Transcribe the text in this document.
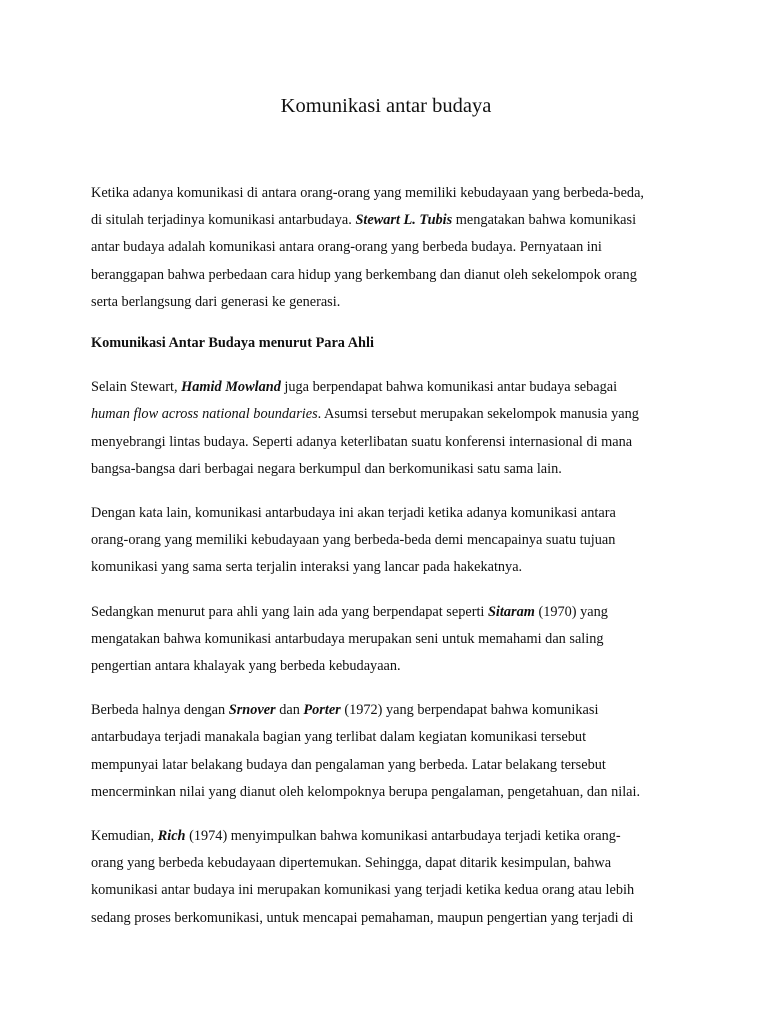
Komunikasi antar budaya

Ketika adanya komunikasi di antara orang-orang yang memiliki kebudayaan yang berbeda-beda,
di situlah terjadinya komunikasi antarbudaya. Stewart L. Tubis mengatakan bahwa komunikasi
antar budaya adalah komunikasi antara orang-orang yang berbeda budaya. Pernyataan ini
beranggapan bahwa perbedaan cara hidup yang berkembang dan dianut oleh sekelompok orang
serta berlangsung dari generasi ke generasi.

Komunikasi Antar Budaya menurut Para Ahli

Selain Stewart, Hamid Mowland juga berpendapat bahwa komunikasi antar budaya sebagai
human flow across national boundaries. Asumsi tersebut merupakan sekelompok manusia yang
menyebrangi lintas budaya. Seperti adanya keterlibatan suatu konferensi internasional di mana
bangsa-bangsa dari berbagai negara berkumpul dan berkomunikasi satu sama lain.

Dengan kata lain, komunikasi antarbudaya ini akan terjadi ketika adanya komunikasi antara
orang-orang yang memiliki kebudayaan yang berbeda-beda demi mencapainya suatu tujuan
komunikasi yang sama serta terjalin interaksi yang lancar pada hakekatnya.

Sedangkan menurut para ahli yang lain ada yang berpendapat seperti Sitaram (1970) yang
mengatakan bahwa komunikasi antarbudaya merupakan seni untuk memahami dan saling
pengertian antara khalayak yang berbeda kebudayaan.

Berbeda halnya dengan Srnover dan Porter (1972) yang berpendapat bahwa komunikasi
antarbudaya terjadi manakala bagian yang terlibat dalam kegiatan komunikasi tersebut
mempunyai latar belakang budaya dan pengalaman yang berbeda. Latar belakang tersebut
mencerminkan nilai yang dianut oleh kelompoknya berupa pengalaman, pengetahuan, dan nilai.

Kemudian, Rich (1974) menyimpulkan bahwa komunikasi antarbudaya terjadi ketika orang-
orang yang berbeda kebudayaan dipertemukan. Sehingga, dapat ditarik kesimpulan, bahwa
komunikasi antar budaya ini merupakan komunikasi yang terjadi ketika kedua orang atau lebih
sedang proses berkomunikasi, untuk mencapai pemahaman, maupun pengertian yang terjadi di
